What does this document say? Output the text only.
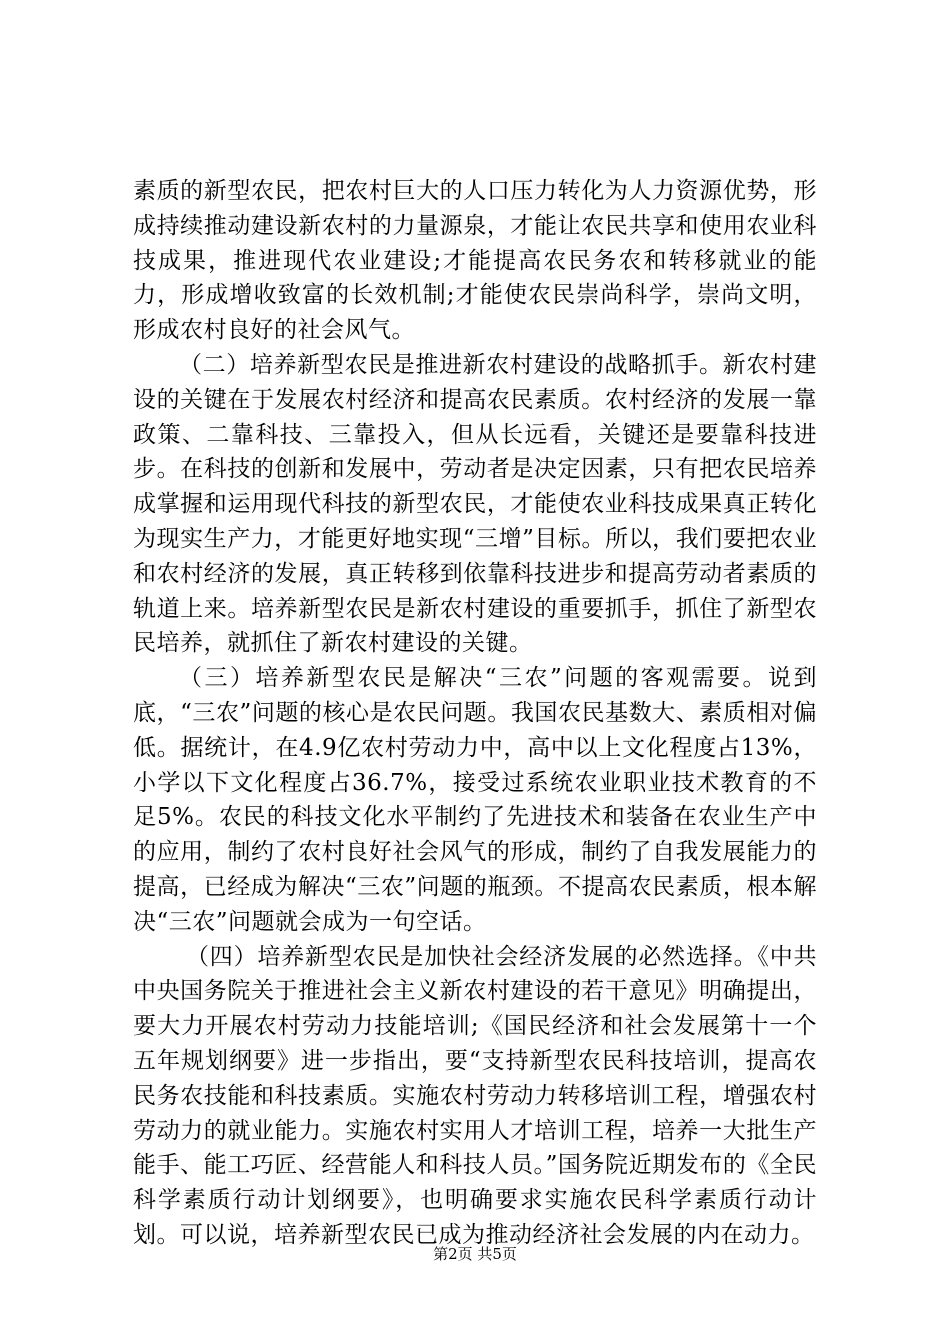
素质的新型农民，把农村巨大的人口压力转化为人力资源优势，形成持续推动建设新农村的力量源泉，才能让农民共享和使用农业科技成果，推进现代农业建设;才能提高农民务农和转移就业的能力，形成增收致富的长效机制;才能使农民崇尚科学，崇尚文明，形成农村良好的社会风气。

（二）培养新型农民是推进新农村建设的战略抓手。新农村建设的关键在于发展农村经济和提高农民素质。农村经济的发展一靠政策、二靠科技、三靠投入，但从长远看，关键还是要靠科技进步。在科技的创新和发展中，劳动者是决定因素，只有把农民培养成掌握和运用现代科技的新型农民，才能使农业科技成果真正转化为现实生产力，才能更好地实现“三增”目标。所以，我们要把农业和农村经济的发展，真正转移到依靠科技进步和提高劳动者素质的轨道上来。培养新型农民是新农村建设的重要抓手，抓住了新型农民培养，就抓住了新农村建设的关键。

（三）培养新型农民是解决“三农”问题的客观需要。说到底，“三农”问题的核心是农民问题。我国农民基数大、素质相对偏低。据统计，在4.9亿农村劳动力中，高中以上文化程度占13%，小学以下文化程度占36.7%，接受过系统农业职业技术教育的不足5%。农民的科技文化水平制约了先进技术和装备在农业生产中的应用，制约了农村良好社会风气的形成，制约了自我发展能力的提高，已经成为解决“三农”问题的瓶颈。不提高农民素质，根本解决“三农”问题就会成为一句空话。

（四）培养新型农民是加快社会经济发展的必然选择。《中共中央国务院关于推进社会主义新农村建设的若干意见》明确提出，要大力开展农村劳动力技能培训;《国民经济和社会发展第十一个五年规划纲要》进一步指出，要“支持新型农民科技培训，提高农民务农技能和科技素质。实施农村劳动力转移培训工程，增强农村劳动力的就业能力。实施农村实用人才培训工程，培养一大批生产能手、能工巧匠、经营能人和科技人员。”国务院近期发布的《全民科学素质行动计划纲要》，也明确要求实施农民科学素质行动计划。可以说，培养新型农民已成为推动经济社会发展的内在动力。

第2页 共5页
